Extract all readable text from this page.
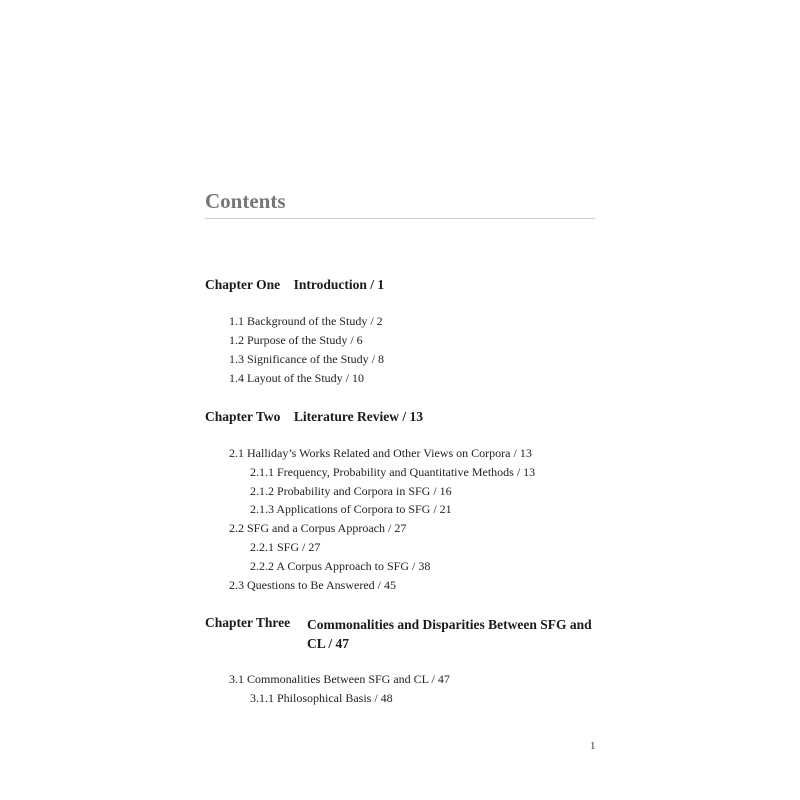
Contents
Chapter One Introduction / 1
1.1 Background of the Study / 2
1.2 Purpose of the Study / 6
1.3 Significance of the Study / 8
1.4 Layout of the Study / 10
Chapter Two Literature Review / 13
2.1 Halliday’s Works Related and Other Views on Corpora / 13
2.1.1 Frequency, Probability and Quantitative Methods / 13
2.1.2 Probability and Corpora in SFG / 16
2.1.3 Applications of Corpora to SFG / 21
2.2 SFG and a Corpus Approach / 27
2.2.1 SFG / 27
2.2.2 A Corpus Approach to SFG / 38
2.3 Questions to Be Answered / 45
Chapter Three	Commonalities and Disparities Between SFG and CL / 47
3.1 Commonalities Between SFG and CL / 47
3.1.1 Philosophical Basis / 48
1
